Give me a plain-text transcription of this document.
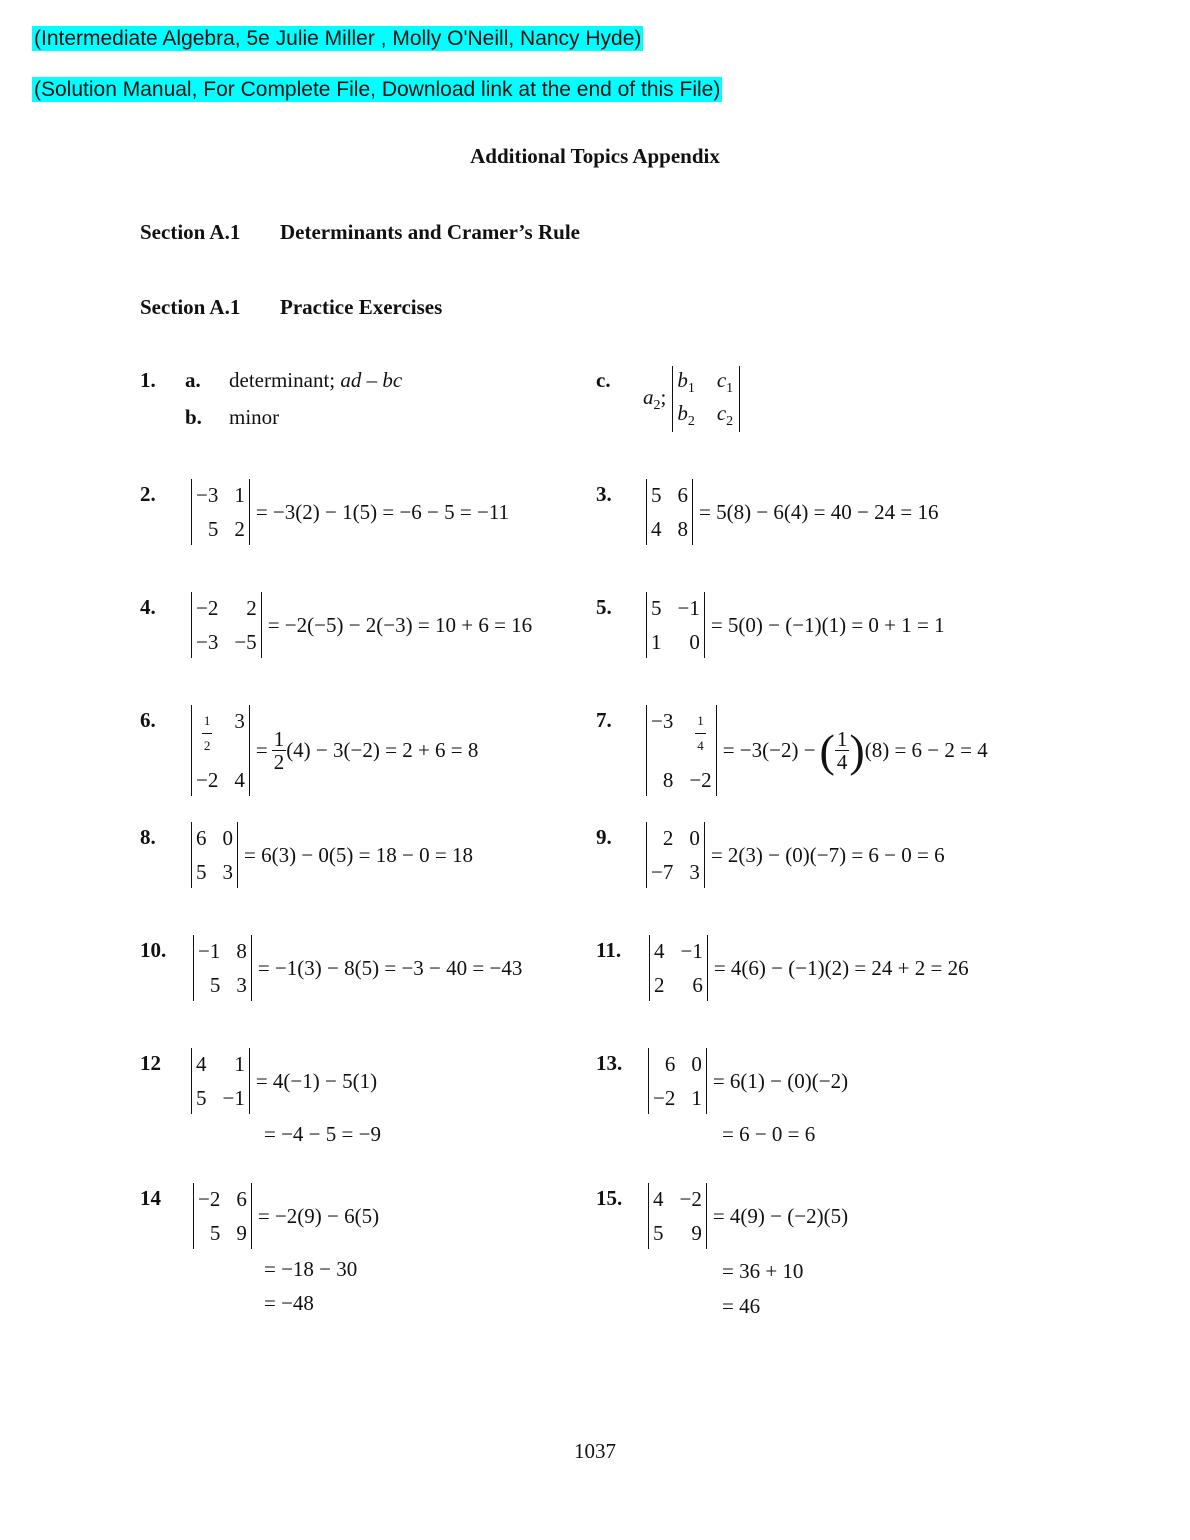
(Intermediate Algebra, 5e Julie Miller , Molly O'Neill, Nancy Hyde)
(Solution Manual, For Complete File, Download link at the end of this File)
Additional Topics Appendix
Section A.1 Determinants and Cramer’s Rule
Section A.1 Practice Exercises
1. a. determinant; ad – bc
b. minor
c.
$a_2$;
$b_1$ $c_1$
$b_2$ $c_2$
2. −3 1
5 2
= −3(2) − 1(5) = −6 − 5 = −11
3. 5 6
4 8
= 5(8) − 6(4) = 40 − 24 = 16
4. −2	2
−3 −5
= −2(−5) − 2(−3) = 10 + 6 = 16
5. 5 −1
1	0
= 5(0) − (−1)(1) = 0 + 1 = 1
6.	$\frac{1}{2} 3$
−2 4
= $\frac{1}{2} (4) - 3(-2) = 2 + 6 = 8$
7. $-3 \frac{1}{4}$
8 −2
= −3(−2) − ( $\frac{1}{4}$ ) (8) = 6 − 2 = 4
8. 6 0
5 3
= 6(3) − 0(5) = 18 − 0 = 18
9.	2 0
−7 3
= 2(3) − (0)(−7) = 6 − 0 = 6
10. −1 8
5 3
= −1(3) − 8(5) = −3 − 40 = −43
11. 4 −1
2	6
= 4(6) − (−1)(2) = 24 + 2 = 26
12 4	1
5 −1
= 4(−1) − 5(1)
= −4 − 5 = −9
13.	6 0
−2 1
= 6(1) − (0)(−2)
= 6 − 0 = 6
14 −2 6
5 9
= −2(9) − 6(5)
= −18 − 30
= −48
15. 4 −2
5	9
= 4(9) − (−2)(5)
= 36 + 10
= 46
1037
